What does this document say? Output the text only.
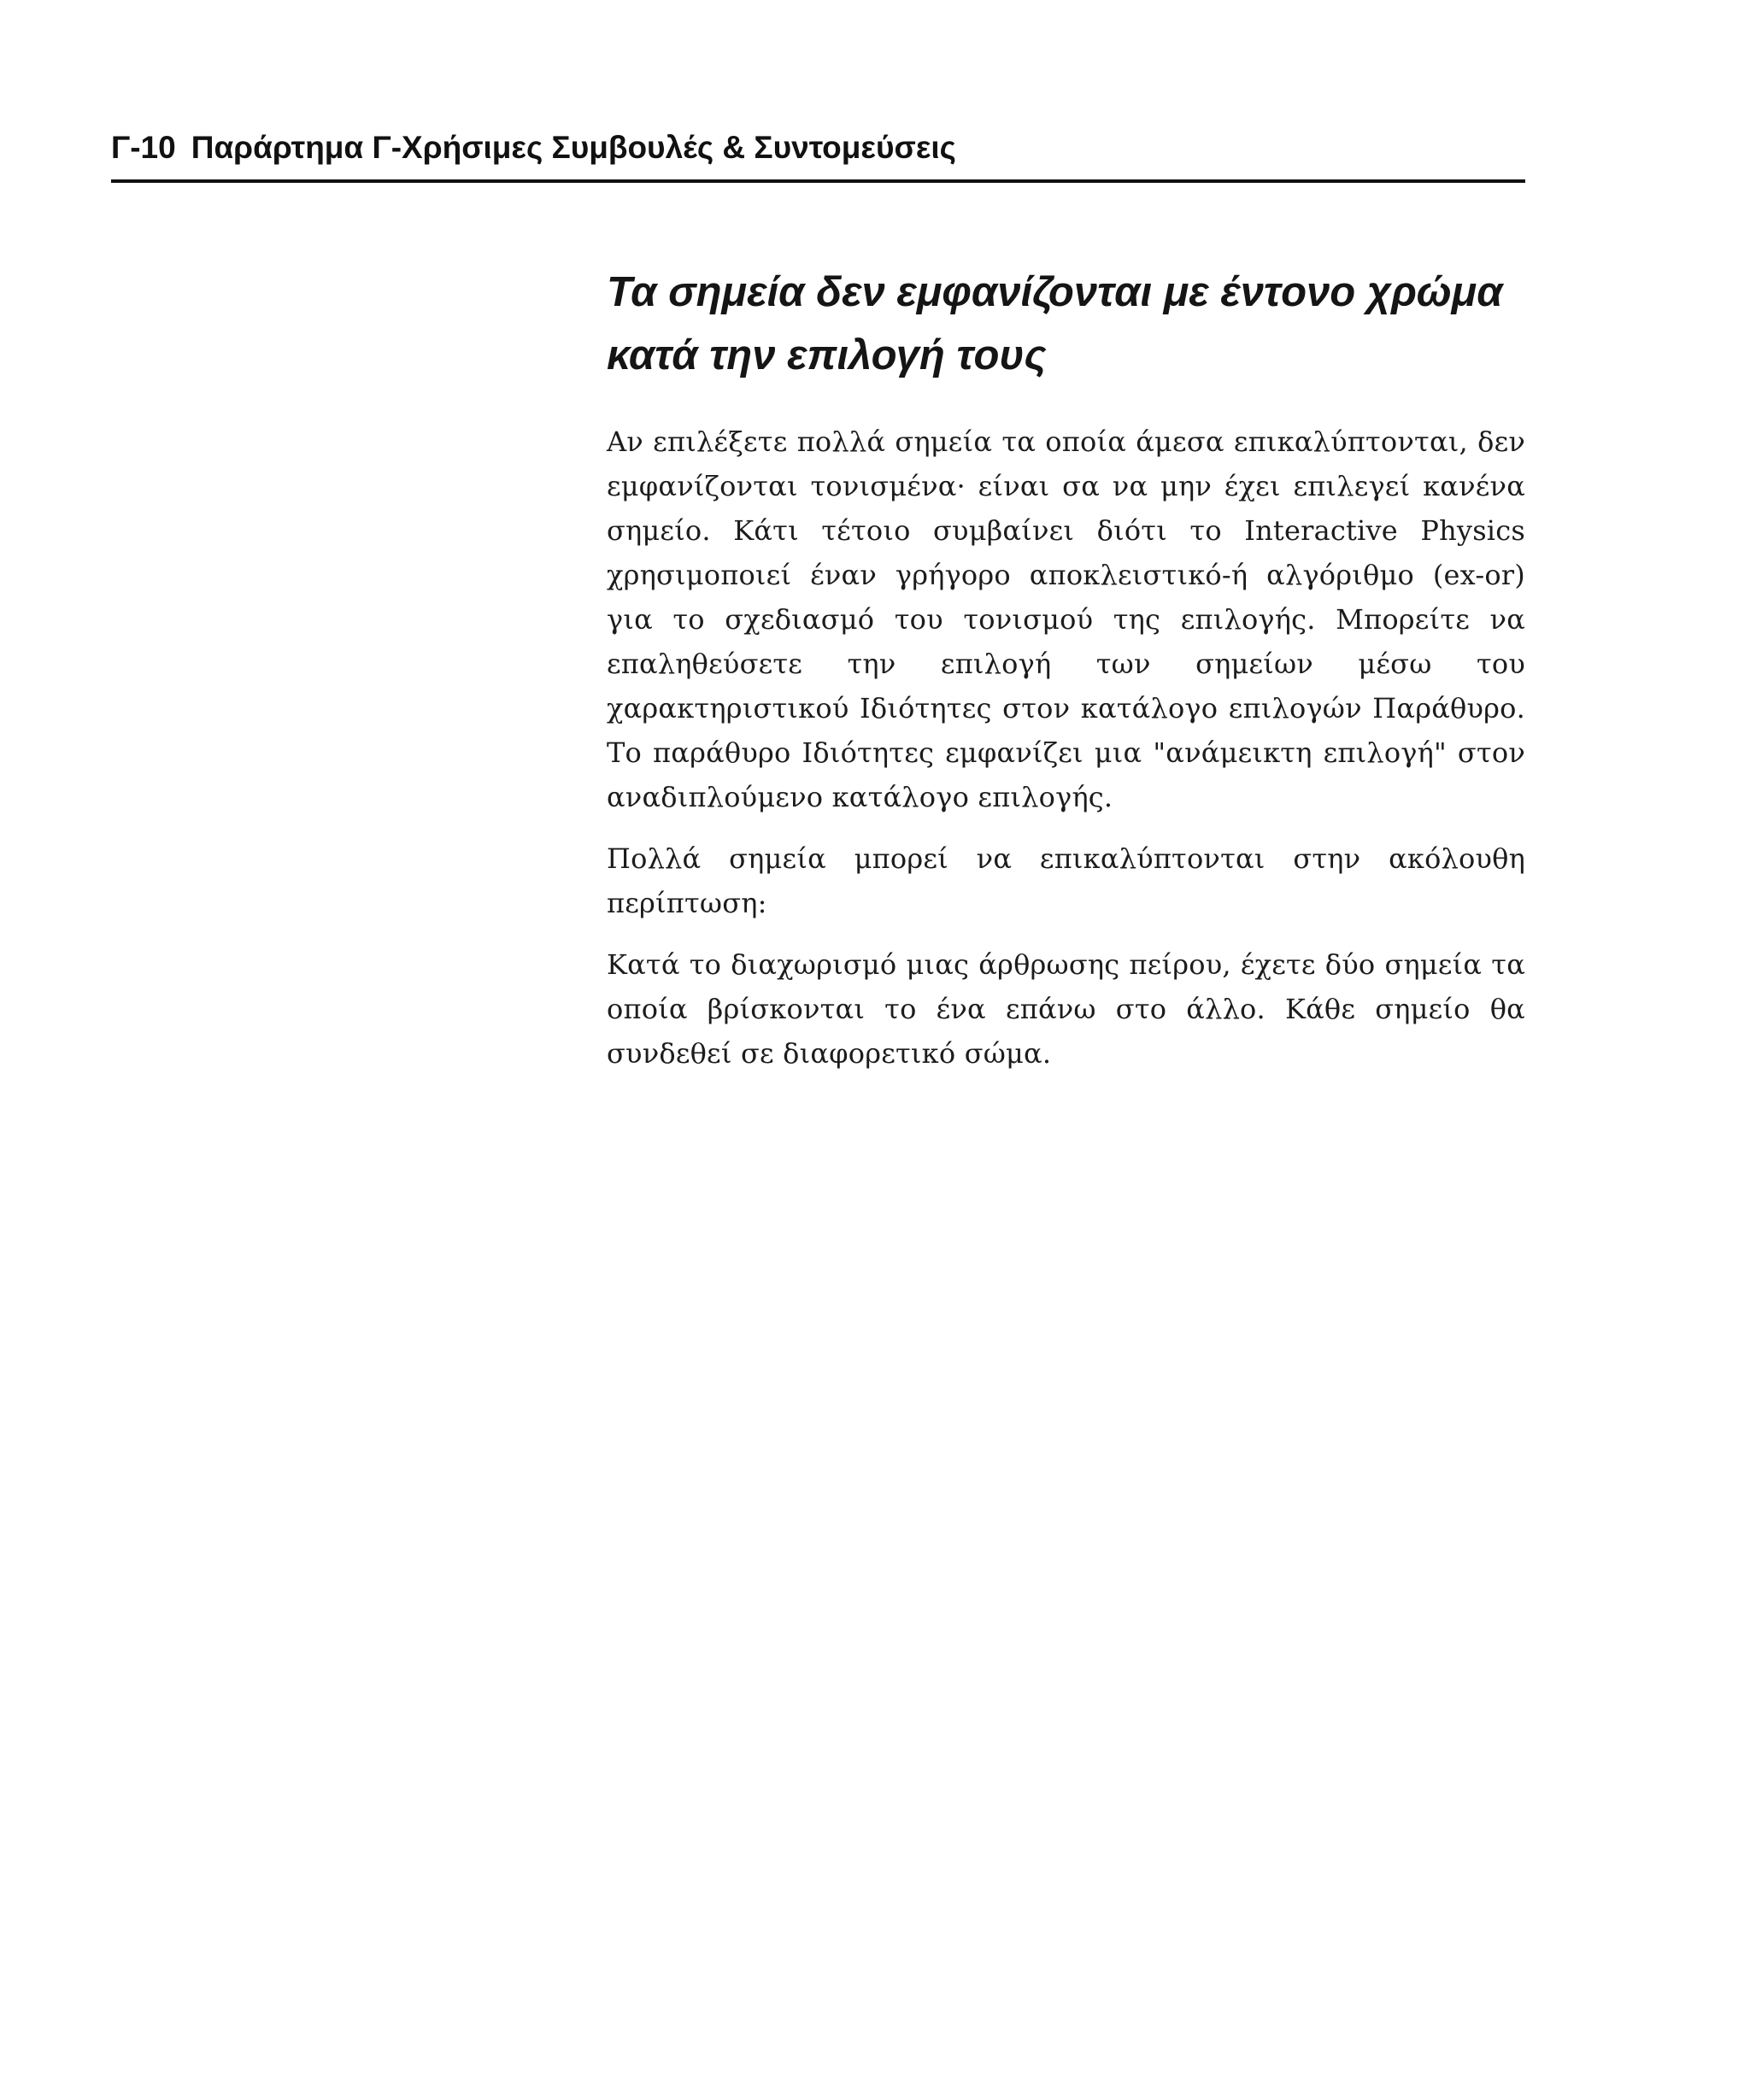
Γ-10 Παράρτημα Γ-Χρήσιμες Συμβουλές & Συντομεύσεις
Τα σημεία δεν εμφανίζονται με έντονο χρώμα κατά την επιλογή τους

Αν επιλέξετε πολλά σημεία τα οποία άμεσα επικαλύπτονται, δεν εμφανίζονται τονισμένα· είναι σα να μην έχει επιλεγεί κανένα σημείο. Κάτι τέτοιο συμβαίνει διότι το Interactive Physics χρησιμοποιεί έναν γρήγορο αποκλειστικό-ή αλγόριθμο (ex-or) για το σχεδιασμό του τονισμού της επιλογής. Μπορείτε να επαληθεύσετε την επιλογή των σημείων μέσω του χαρακτηριστικού Ιδιότητες στον κατάλογο επιλογών Παράθυρο. Το παράθυρο Ιδιότητες εμφανίζει μια "ανάμεικτη επιλογή" στον αναδιπλούμενο κατάλογο επιλογής.

Πολλά σημεία μπορεί να επικαλύπτονται στην ακόλουθη περίπτωση:

Κατά το διαχωρισμό μιας άρθρωσης πείρου, έχετε δύο σημεία τα οποία βρίσκονται το ένα επάνω στο άλλο. Κάθε σημείο θα συνδεθεί σε διαφορετικό σώμα.
